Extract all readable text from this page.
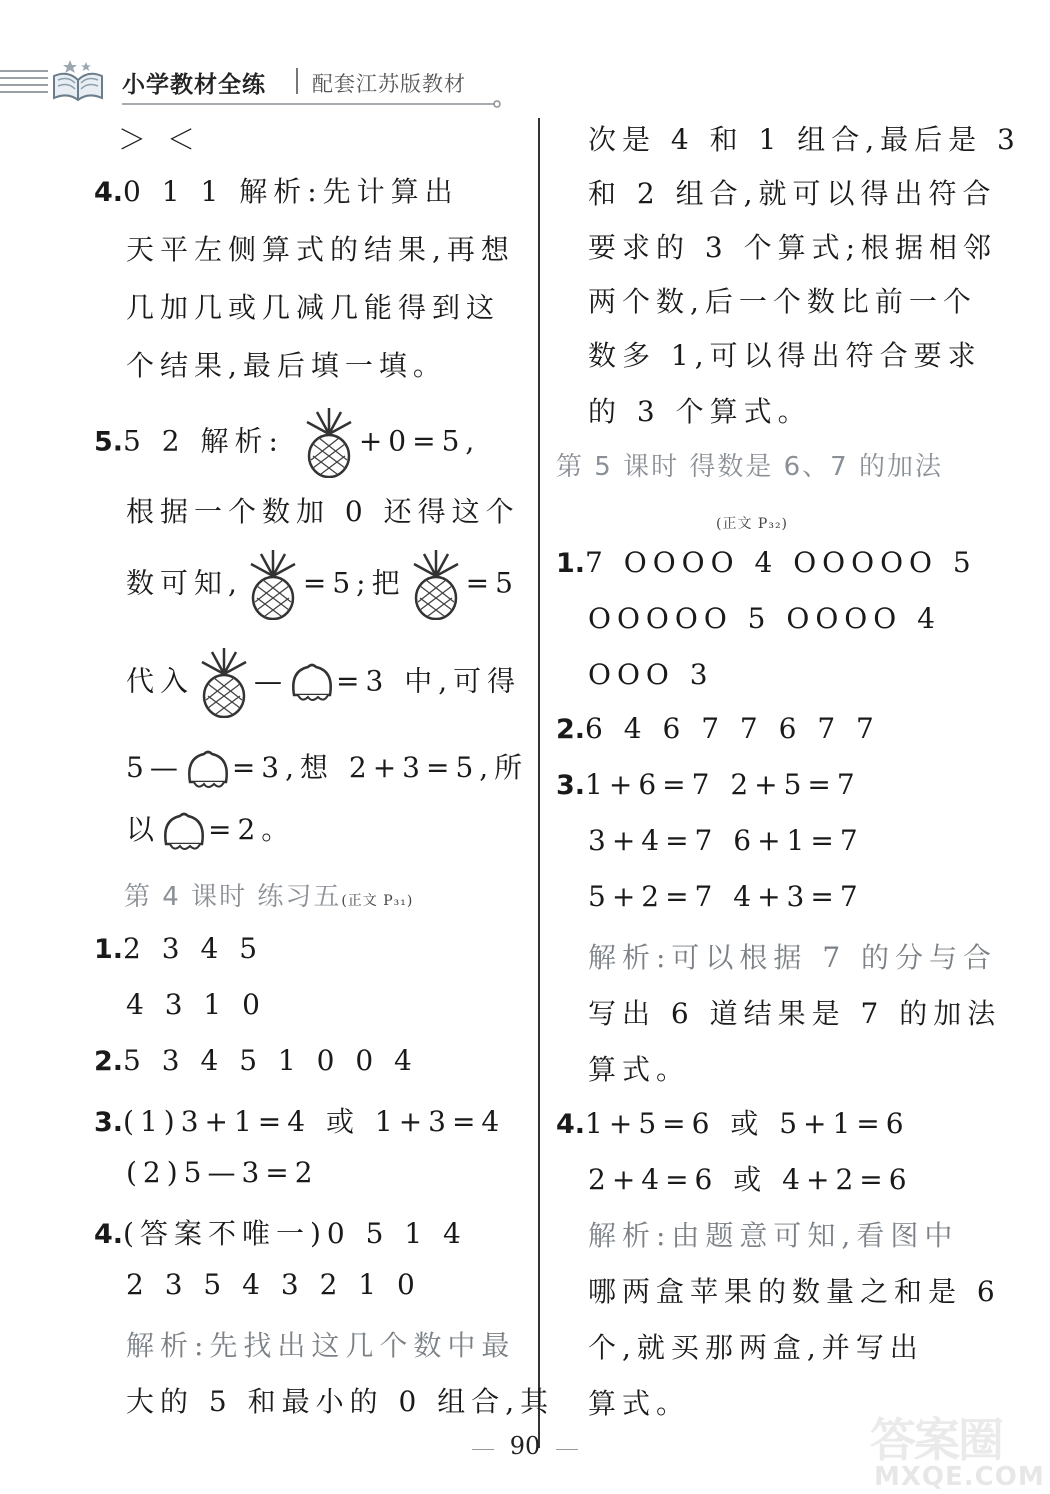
小学教材全练 配套江苏版教材
＞ ＜
4.0 1 1 解析:先计算出
天平左侧算式的结果,再想
几加几或几减几能得到这
个结果,最后填一填。
5.5 2 解析:	+0=5,
根据一个数加 0 还得这个
数可知, =5;把 =5
代入 — =3 中,可得
5— =3,想 2+3=5,所
以 =2。
第 4 课时 练习五(正文 P₃₁)
1.2 3 4 5
4 3 1 0
2.5 3 4 5 1 0 0 4
3.(1)3+1=4 或 1+3=4
(2)5—3=2
4.(答案不唯一)0 5 1 4
2 3 5 4 3 2 1 0
解析:先找出这几个数中最
大的 5 和最小的 0 组合,其
次是 4 和 1 组合,最后是 3
和 2 组合,就可以得出符合
要求的 3 个算式;根据相邻
两个数,后一个数比前一个
数多 1,可以得出符合要求
的 3 个算式。
第 5 课时 得数是 6、7 的加法
(正文 P₃₂)
1.7 OOOO 4 OOOOO 5
OOOOO 5 OOOO 4
OOO 3
2.6 4 6 7 7 6 7 7
3.1+6=7 2+5=7
3+4=7 6+1=7
5+2=7 4+3=7
解析:可以根据 7 的分与合
写出 6 道结果是 7 的加法
算式。
4.1+5=6 或 5+1=6
2+4=6 或 4+2=6
解析:由题意可知,看图中
哪两盒苹果的数量之和是 6
个,就买那两盒,并写出
算式。
90	答案圈
MXQE.COM
